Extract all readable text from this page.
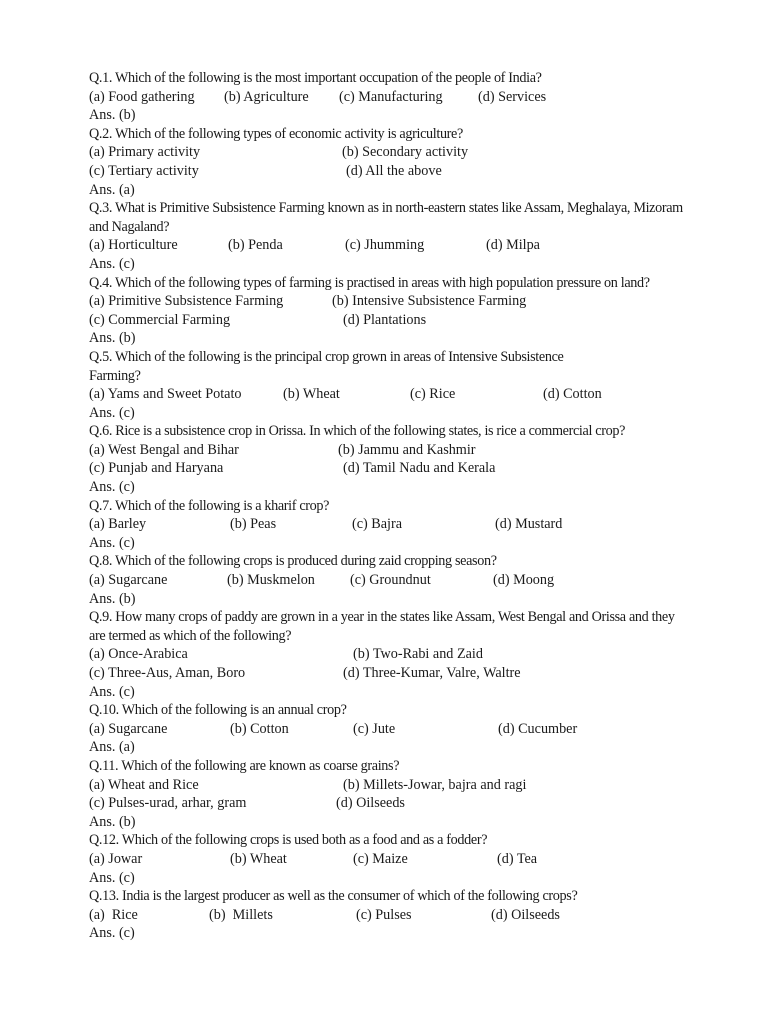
Q.1. Which of the following is the most important occupation of the people of India?
(a) Food gathering (b) Agriculture (c) Manufacturing (d) Services
Ans. (b)
Q.2. Which of the following types of economic activity is agriculture?
(a) Primary activity	(b) Secondary activity
(c) Tertiary activity	(d) All the above
Ans. (a)
Q.3. What is Primitive Subsistence Farming known as in north-eastern states like Assam, Meghalaya, Mizoram and Nagaland?
(a) Horticulture	(b) Penda	(c) Jhumming	(d) Milpa
Ans. (c)
Q.4. Which of the following types of farming is practised in areas with high population pressure on land?
(a) Primitive Subsistence Farming	(b) Intensive Subsistence Farming
(c) Commercial Farming	(d) Plantations
Ans. (b)
Q.5. Which of the following is the principal crop grown in areas of Intensive Subsistence Farming?
(a) Yams and Sweet Potato	(b) Wheat	(c) Rice	(d) Cotton
Ans. (c)
Q.6. Rice is a subsistence crop in Orissa. In which of the following states, is rice a commercial crop?
(a) West Bengal and Bihar	(b) Jammu and Kashmir
(c) Punjab and Haryana	(d) Tamil Nadu and Kerala
Ans. (c)
Q.7. Which of the following is a kharif crop?
(a) Barley	(b) Peas	(c) Bajra	(d) Mustard
Ans. (c)
Q.8. Which of the following crops is produced during zaid cropping season?
(a) Sugarcane	(b) Muskmelon (c) Groundnut	(d) Moong
Ans. (b)
Q.9. How many crops of paddy are grown in a year in the states like Assam, West Bengal and Orissa and they are termed as which of the following?
(a) Once-Arabica	(b) Two-Rabi and Zaid
(c) Three-Aus, Aman, Boro	(d) Three-Kumar, Valre, Waltre
Ans. (c)
Q.10. Which of the following is an annual crop?
(a) Sugarcane	(b) Cotton	(c) Jute	(d) Cucumber
Ans. (a)
Q.11. Which of the following are known as coarse grains?
(a) Wheat and Rice	(b) Millets-Jowar, bajra and ragi
(c) Pulses-urad, arhar, gram	(d) Oilseeds
Ans. (b)
Q.12. Which of the following crops is used both as a food and as a fodder?
(a) Jowar	(b) Wheat	(c) Maize	(d) Tea
Ans. (c)
Q.13. India is the largest producer as well as the consumer of which of the following crops?
(a)  Rice	(b)  Millets	(c) Pulses	(d) Oilseeds
Ans. (c)
